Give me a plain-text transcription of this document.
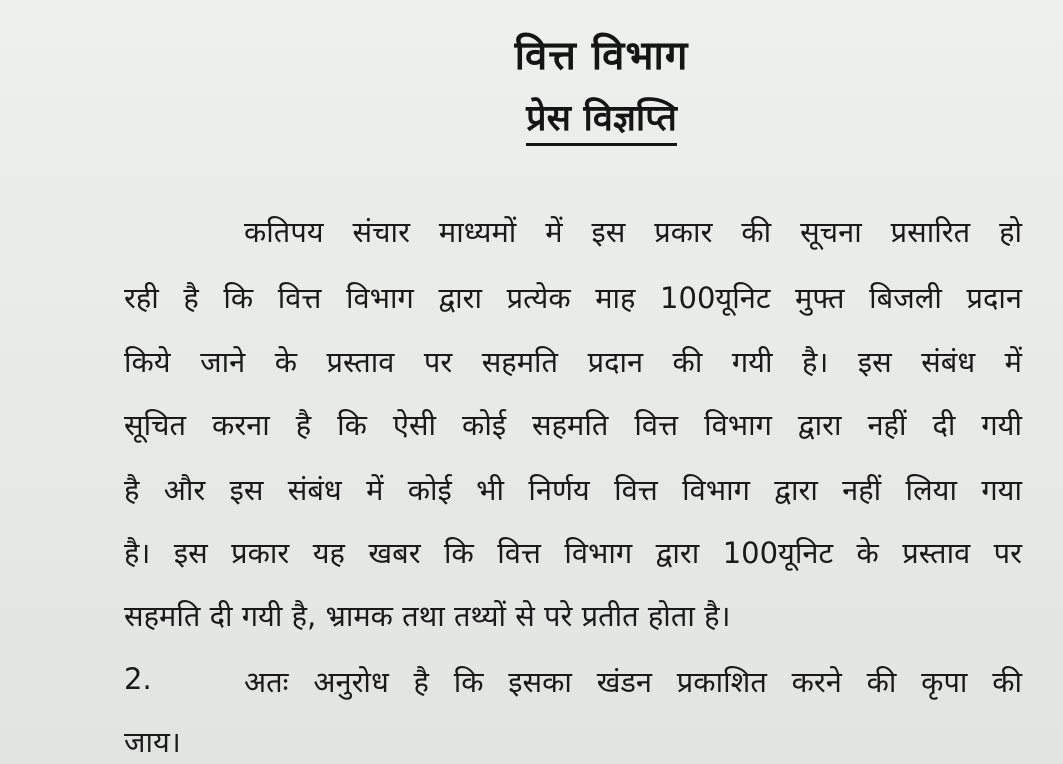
वित्त विभाग
प्रेस विज्ञप्ति
कतिपय संचार माध्यमों में इस प्रकार की सूचना प्रसारित हो
रही है कि वित्त विभाग द्वारा प्रत्येक माह 100यूनिट मुफ्त बिजली प्रदान
किये जाने के प्रस्ताव पर सहमति प्रदान की गयी है। इस संबंध में
सूचित करना है कि ऐसी कोई सहमति वित्त विभाग द्वारा नहीं दी गयी
है और इस संबंध में कोई भी निर्णय वित्त विभाग द्वारा नहीं लिया गया
है। इस प्रकार यह खबर कि वित्त विभाग द्वारा 100यूनिट के प्रस्ताव पर
सहमति दी गयी है, भ्रामक तथा तथ्यों से परे प्रतीत होता है।
2.	अतः अनुरोध है कि इसका खंडन प्रकाशित करने की कृपा की
जाय।
